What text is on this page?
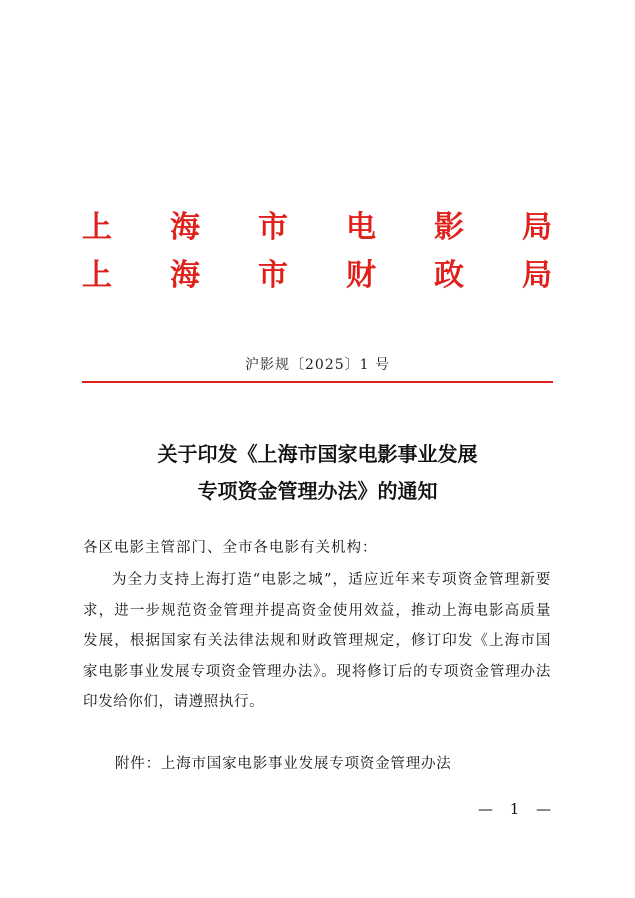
上 海 市 电 影 局
上 海 市 财 政 局
沪影规〔2025〕1 号
关于印发《上海市国家电影事业发展
专项资金管理办法》的通知
各区电影主管部门、全市各电影有关机构：
为全力支持上海打造“电影之城”，适应近年来专项资金管理新要求，进一步规范资金管理并提高资金使用效益，推动上海电影高质量发展，根据国家有关法律法规和财政管理规定，修订印发《上海市国家电影事业发展专项资金管理办法》。现将修订后的专项资金管理办法印发给你们，请遵照执行。
附件：上海市国家电影事业发展专项资金管理办法
— 1 —
